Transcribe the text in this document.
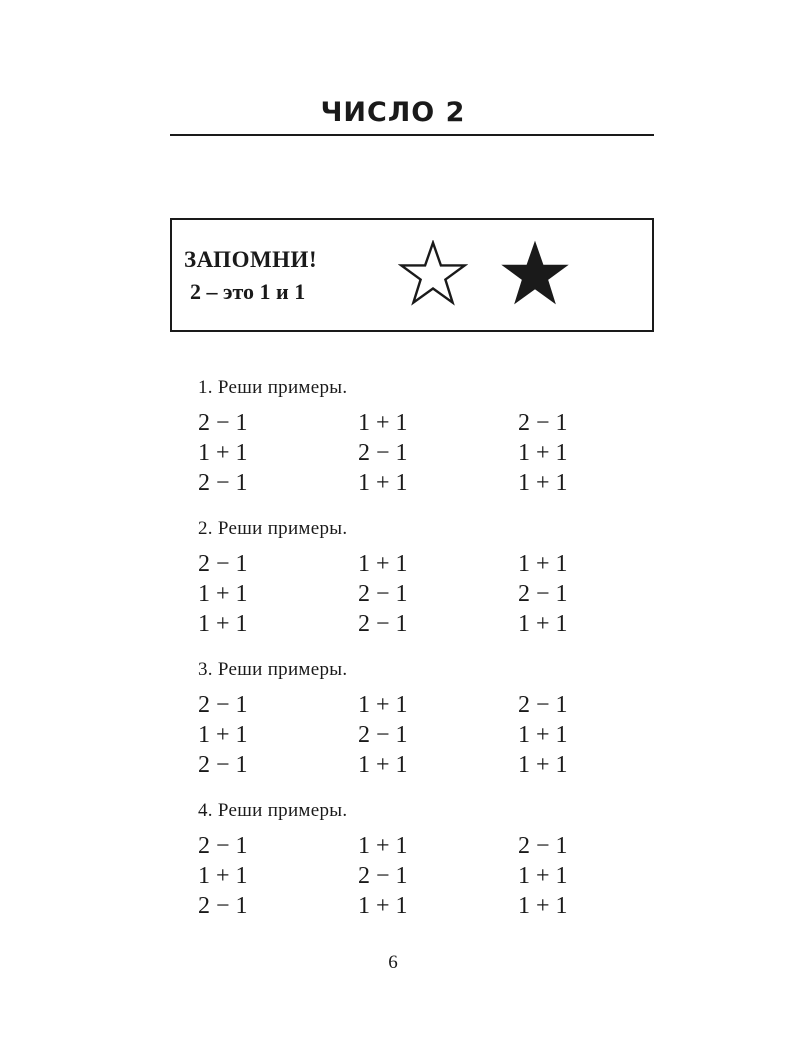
ЧИСЛО 2
ЗАПОМНИ!
2 – это 1 и 1
1. Реши примеры.
2 − 1	1 + 1	2 − 1
1 + 1	2 − 1	1 + 1
2 − 1	1 + 1	1 + 1
2. Реши примеры.
2 − 1	1 + 1	1 + 1
1 + 1	2 − 1	2 − 1
1 + 1	2 − 1	1 + 1
3. Реши примеры.
2 − 1	1 + 1	2 − 1
1 + 1	2 − 1	1 + 1
2 − 1	1 + 1	1 + 1
4. Реши примеры.
2 − 1	1 + 1	2 − 1
1 + 1	2 − 1	1 + 1
2 − 1	1 + 1	1 + 1
6
